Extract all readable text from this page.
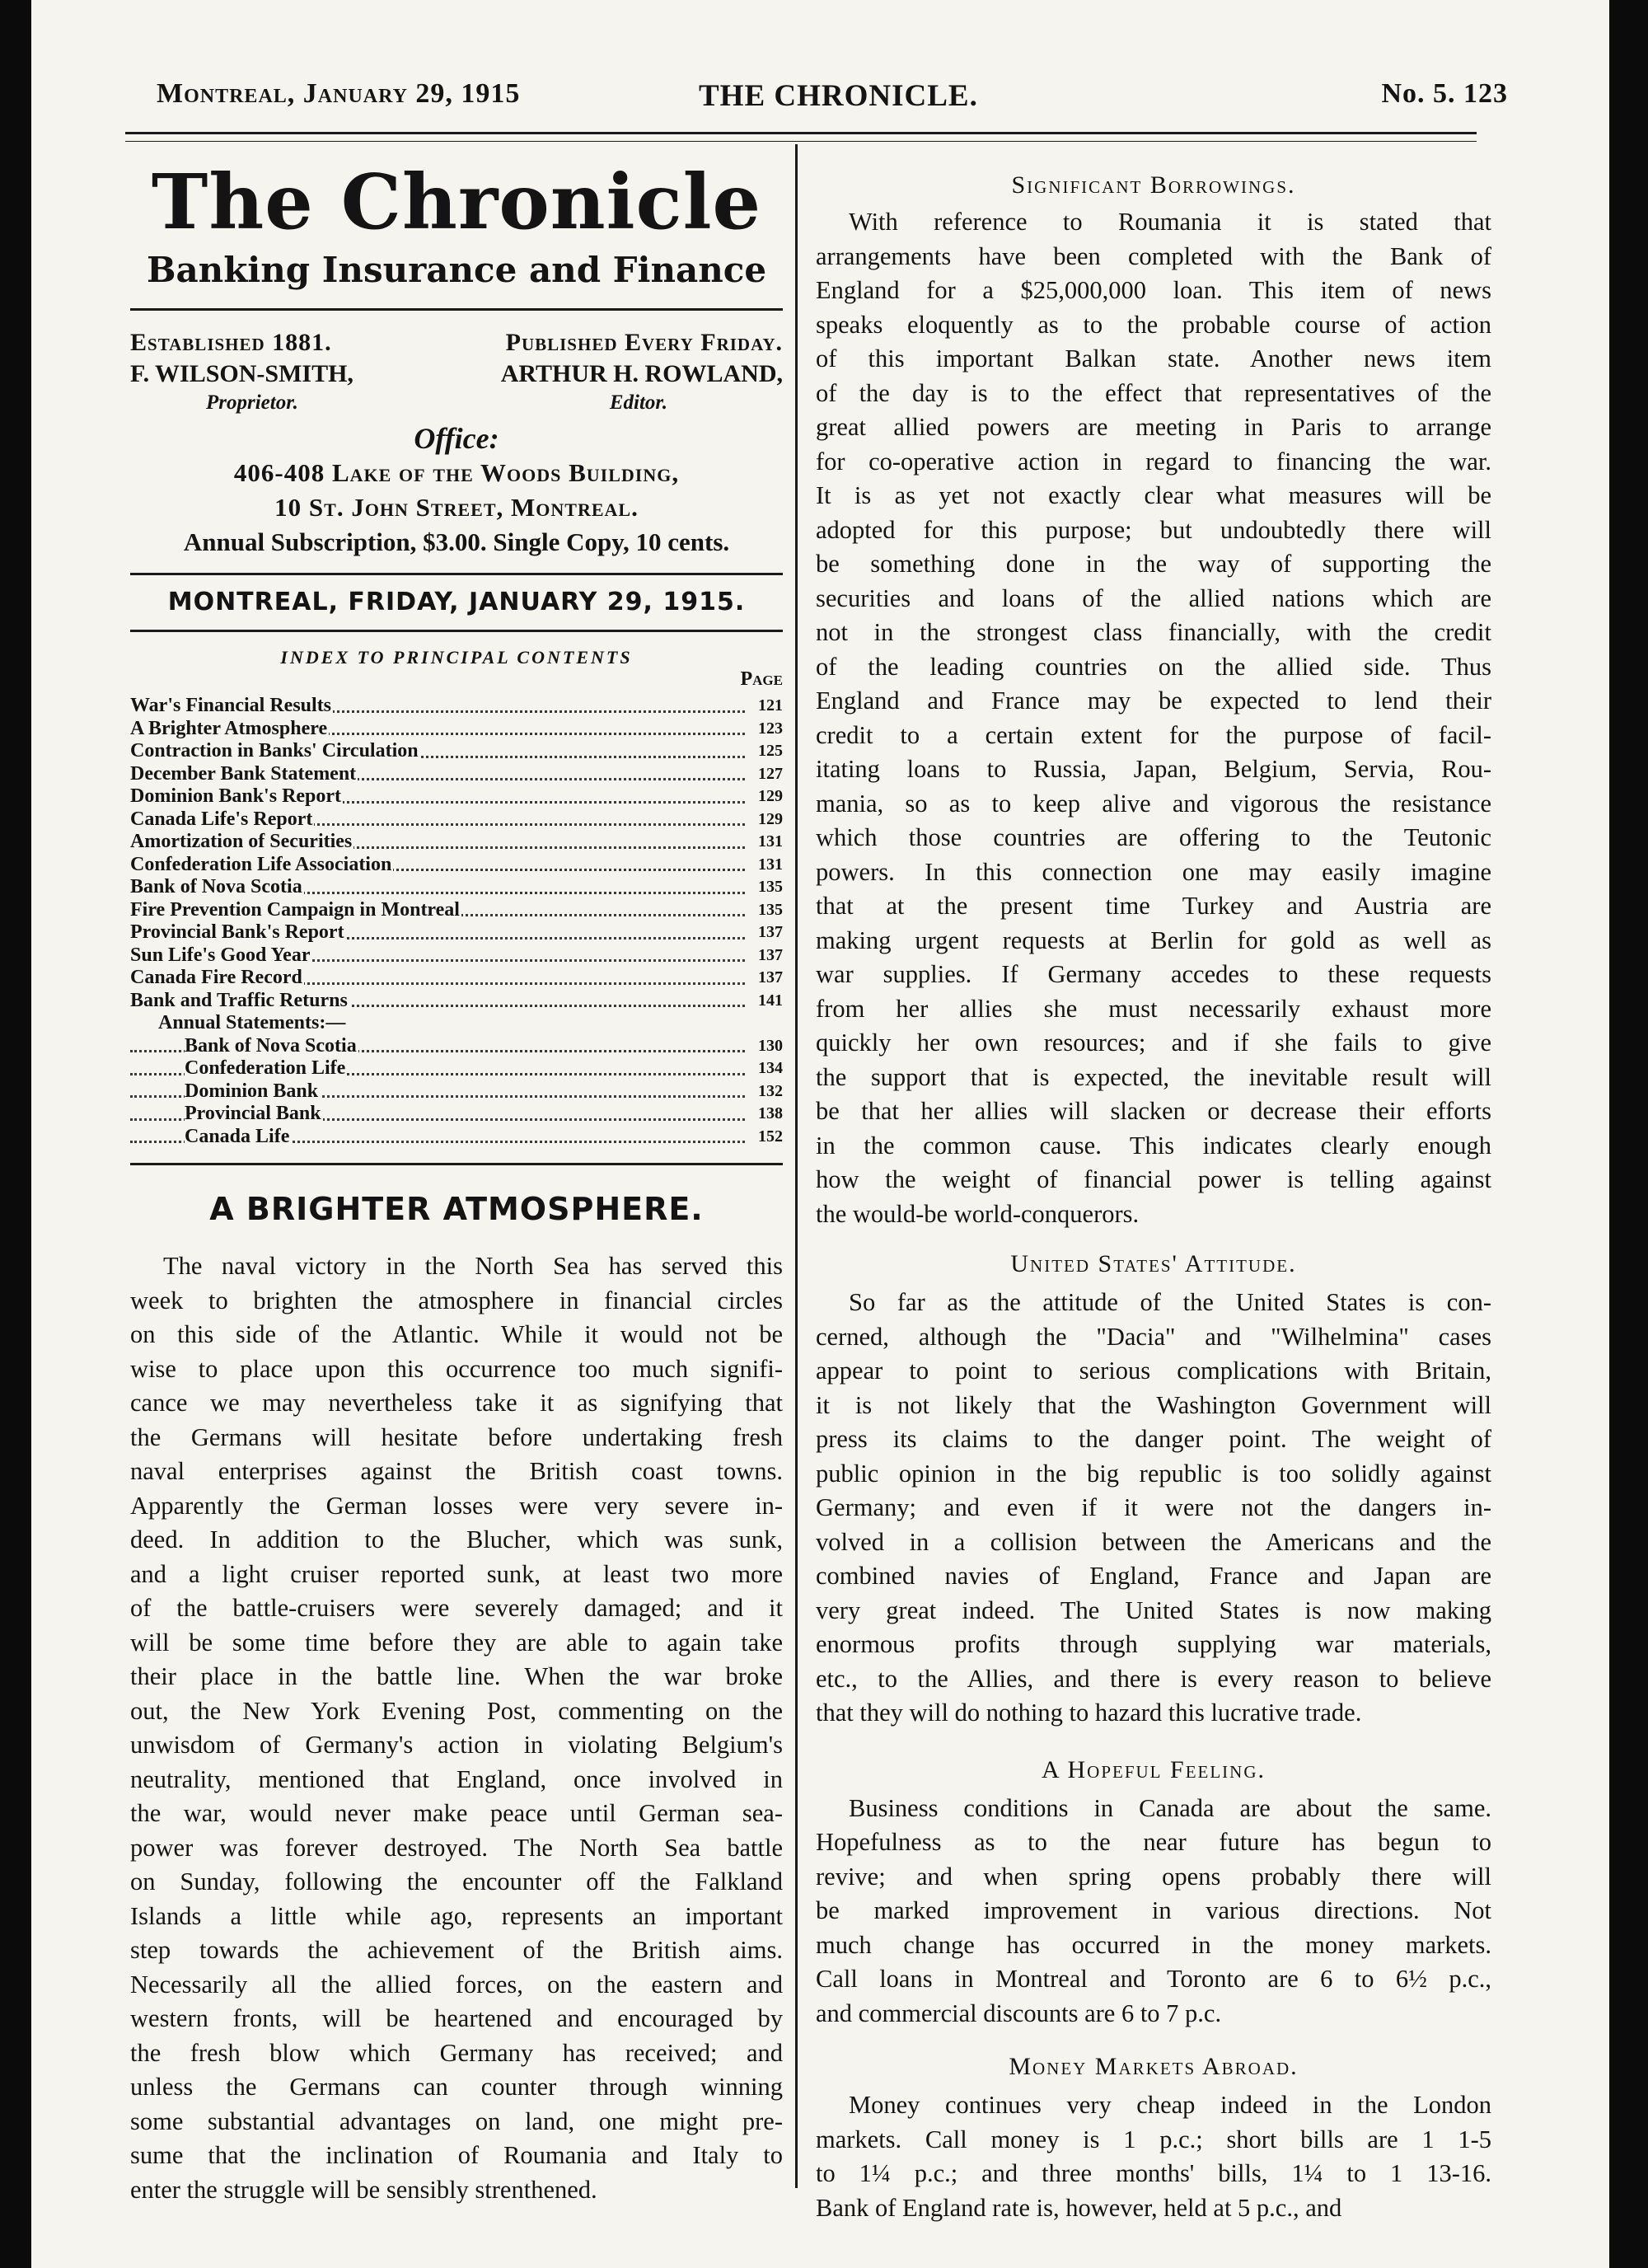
Montreal, January 29, 1915	THE CHRONICLE.	No. 5. 123
The Chronicle
Banking Insurance and Finance
Established 1881.	Published Every Friday.
F. WILSON-SMITH,	ARTHUR H. ROWLAND,
Proprietor.	Editor.
Office:
406-408 Lake of the Woods Building,
10 St. John Street, Montreal.
Annual Subscription, $3.00. Single Copy, 10 cents.
MONTREAL, FRIDAY, JANUARY 29, 1915.
INDEX TO PRINCIPAL CONTENTS
Page
War's Financial Results	121
A Brighter Atmosphere	123
Contraction in Banks' Circulation	125
December Bank Statement	127
Dominion Bank's Report	129
Canada Life's Report	129
Amortization of Securities	131
Confederation Life Association	131
Bank of Nova Scotia	135
Fire Prevention Campaign in Montreal	135
Provincial Bank's Report	137
Sun Life's Good Year	137
Canada Fire Record	137
Bank and Traffic Returns	141
Annual Statements:—
Bank of Nova Scotia	130
Confederation Life	134
Dominion Bank	132
Provincial Bank	138
Canada Life	152
A BRIGHTER ATMOSPHERE.
The naval victory in the North Sea has served this
week to brighten the atmosphere in financial circles
on this side of the Atlantic. While it would not be
wise to place upon this occurrence too much signifi-
cance we may nevertheless take it as signifying that
the Germans will hesitate before undertaking fresh
naval enterprises against the British coast towns.
Apparently the German losses were very severe in-
deed. In addition to the Blucher, which was sunk,
and a light cruiser reported sunk, at least two more
of the battle-cruisers were severely damaged; and it
will be some time before they are able to again take
their place in the battle line. When the war broke
out, the New York Evening Post, commenting on the
unwisdom of Germany's action in violating Belgium's
neutrality, mentioned that England, once involved in
the war, would never make peace until German sea-
power was forever destroyed. The North Sea battle
on Sunday, following the encounter off the Falkland
Islands a little while ago, represents an important
step towards the achievement of the British aims.
Necessarily all the allied forces, on the eastern and
western fronts, will be heartened and encouraged by
the fresh blow which Germany has received; and
unless the Germans can counter through winning
some substantial advantages on land, one might pre-
sume that the inclination of Roumania and Italy to
enter the struggle will be sensibly strenthened.
Significant Borrowings.
With reference to Roumania it is stated that
arrangements have been completed with the Bank of
England for a $25,000,000 loan. This item of news
speaks eloquently as to the probable course of action
of this important Balkan state. Another news item
of the day is to the effect that representatives of the
great allied powers are meeting in Paris to arrange
for co-operative action in regard to financing the war.
It is as yet not exactly clear what measures will be
adopted for this purpose; but undoubtedly there will
be something done in the way of supporting the
securities and loans of the allied nations which are
not in the strongest class financially, with the credit
of the leading countries on the allied side. Thus
England and France may be expected to lend their
credit to a certain extent for the purpose of facil-
itating loans to Russia, Japan, Belgium, Servia, Rou-
mania, so as to keep alive and vigorous the resistance
which those countries are offering to the Teutonic
powers. In this connection one may easily imagine
that at the present time Turkey and Austria are
making urgent requests at Berlin for gold as well as
war supplies. If Germany accedes to these requests
from her allies she must necessarily exhaust more
quickly her own resources; and if she fails to give
the support that is expected, the inevitable result will
be that her allies will slacken or decrease their efforts
in the common cause. This indicates clearly enough
how the weight of financial power is telling against
the would-be world-conquerors.
United States' Attitude.
So far as the attitude of the United States is con-
cerned, although the "Dacia" and "Wilhelmina" cases
appear to point to serious complications with Britain,
it is not likely that the Washington Government will
press its claims to the danger point. The weight of
public opinion in the big republic is too solidly against
Germany; and even if it were not the dangers in-
volved in a collision between the Americans and the
combined navies of England, France and Japan are
very great indeed. The United States is now making
enormous profits through supplying war materials,
etc., to the Allies, and there is every reason to believe
that they will do nothing to hazard this lucrative trade.
A Hopeful Feeling.
Business conditions in Canada are about the same.
Hopefulness as to the near future has begun to
revive; and when spring opens probably there will
be marked improvement in various directions. Not
much change has occurred in the money markets.
Call loans in Montreal and Toronto are 6 to 6½ p.c.,
and commercial discounts are 6 to 7 p.c.
Money Markets Abroad.
Money continues very cheap indeed in the London
markets. Call money is 1 p.c.; short bills are 1 1-5
to 1¼ p.c.; and three months' bills, 1¼ to 1 13-16.
Bank of England rate is, however, held at 5 p.c., and
